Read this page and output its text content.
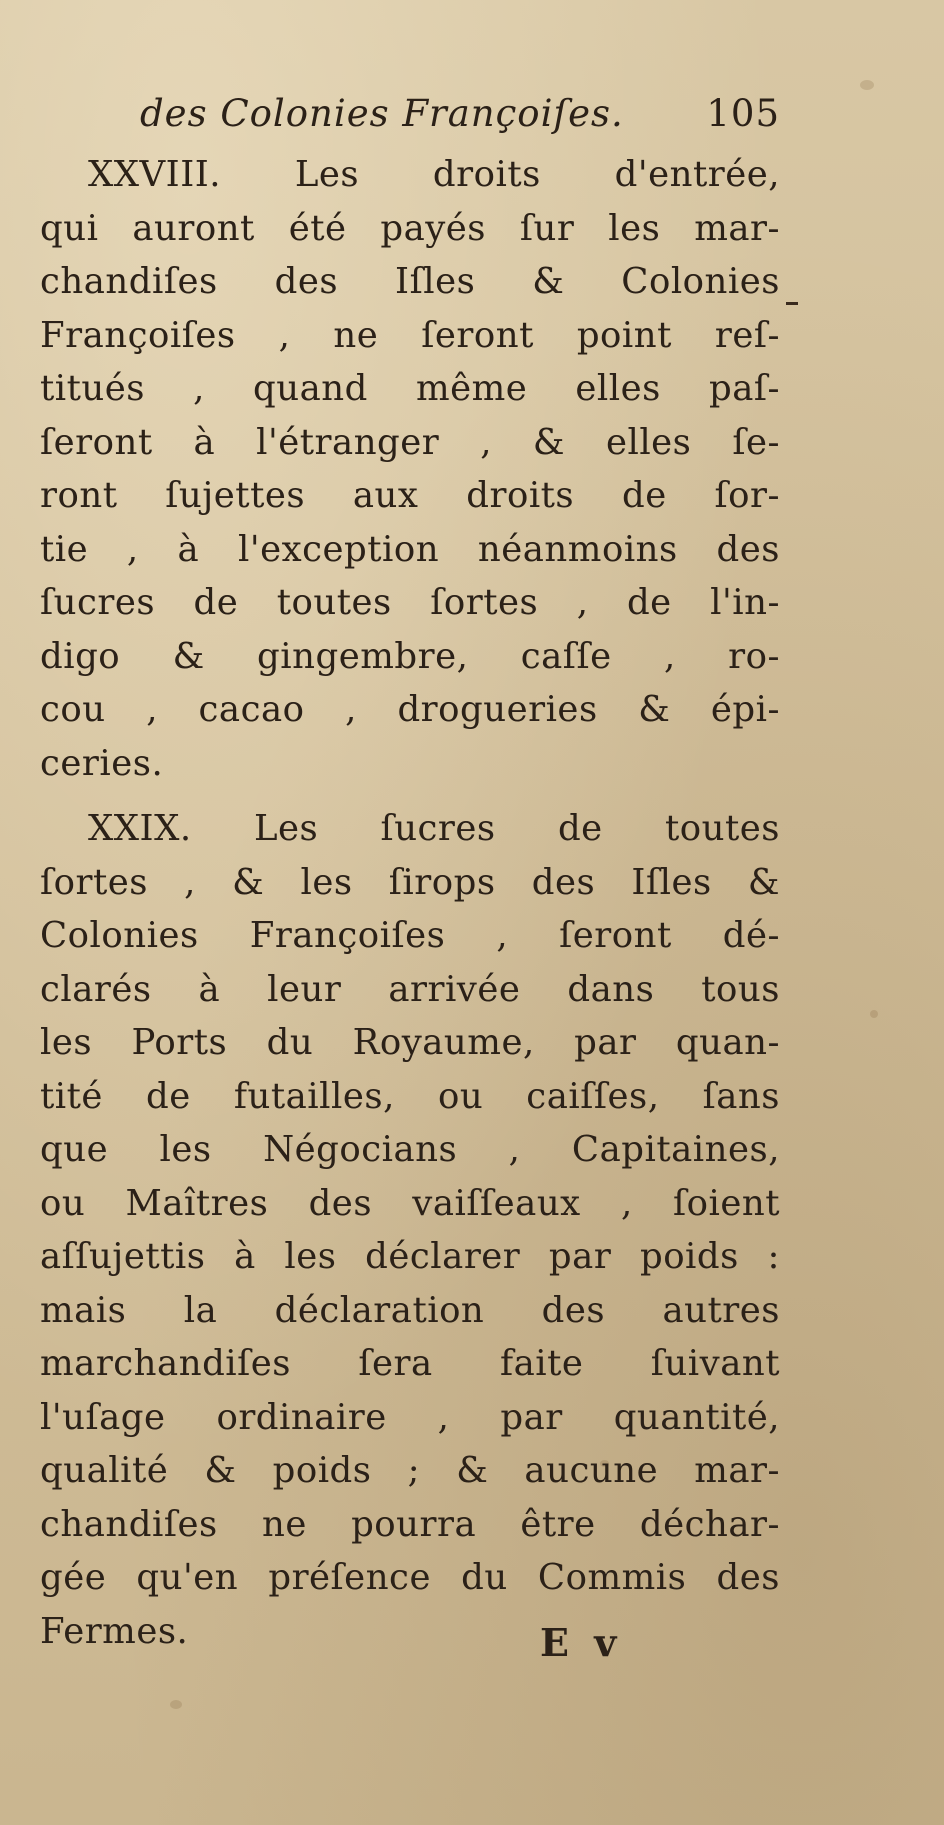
des Colonies Françoiſes. 105
XXVIII. Les droits d'entrée,
qui auront été payés ſur les mar-
chandiſes des Iſles & Colonies
Françoiſes , ne ſeront point reſ-
titués , quand même elles paſ-
ſeront à l'étranger , & elles ſe-
ront ſujettes aux droits de ſor-
tie , à l'exception néanmoins des
ſucres de toutes ſortes , de l'in-
digo & gingembre, caſſe , ro-
cou , cacao , drogueries & épi-
ceries.
XXIX. Les ſucres de toutes
ſortes , & les ſirops des Iſles &
Colonies Françoiſes , ſeront dé-
clarés à leur arrivée dans tous
les Ports du Royaume, par quan-
tité de futailles, ou caiſſes, ſans
que les Négocians , Capitaines,
ou Maîtres des vaiſſeaux , ſoient
aſſujettis à les déclarer par poids :
mais la déclaration des autres
marchandiſes ſera faite ſuivant
l'uſage ordinaire , par quantité,
qualité & poids ; & aucune mar-
chandiſes ne pourra être déchar-
gée qu'en préſence du Commis des
Fermes.	E v
